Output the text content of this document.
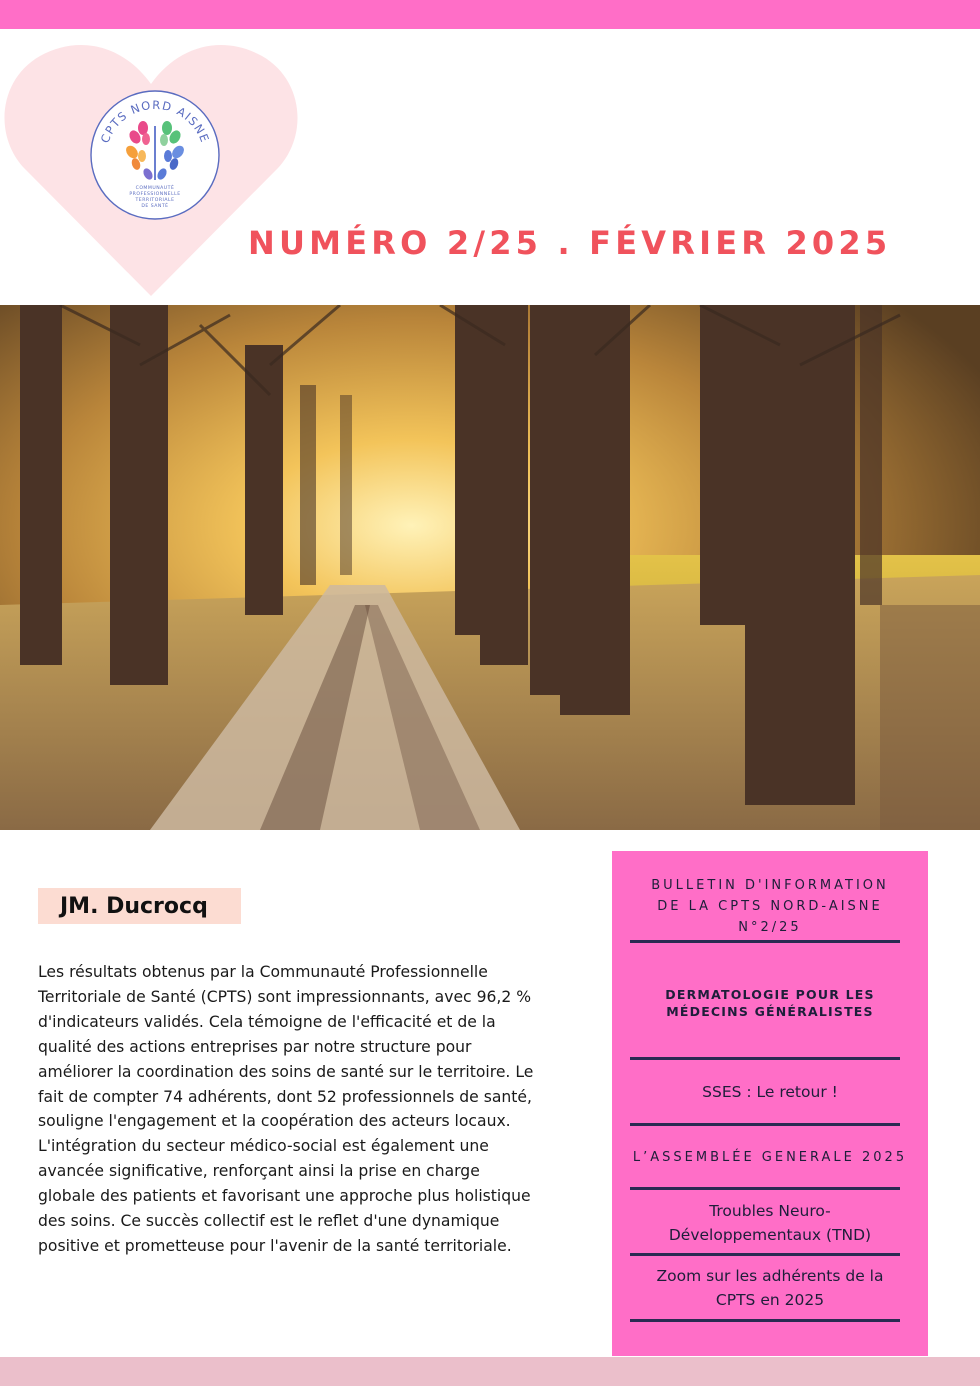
CPTS NORD AISNE
COMMUNAUTÉ
PROFESSIONNELLE
TERRITORIALE
DE SANTÉ
NUMÉRO 2/25 . FÉVRIER 2025
JM. Ducrocq

Les résultats obtenus par la Communauté Professionnelle

Territoriale de Santé (CPTS) sont impressionnants, avec 96,2 %

d'indicateurs validés. Cela témoigne de l'efficacité et de la

qualité des actions entreprises par notre structure pour

améliorer la coordination des soins de santé sur le territoire. Le

fait de compter 74 adhérents, dont 52 professionnels de santé,

souligne l'engagement et la coopération des acteurs locaux.

L'intégration du secteur médico-social est également une

avancée significative, renforçant ainsi la prise en charge

globale des patients et favorisant une approche plus holistique

des soins. Ce succès collectif est le reflet d'une dynamique

positive et prometteuse pour l'avenir de la santé territoriale.

BULLETIN D'INFORMATION
DE LA CPTS NORD-AISNE
N°2/25
DERMATOLOGIE POUR LES
MÉDECINS GÉNÉRALISTES
SSES : Le retour !
L’ASSEMBLÉE GENERALE 2025
Troubles Neuro-
Développementaux (TND)
Zoom sur les adhérents de la
CPTS en 2025
